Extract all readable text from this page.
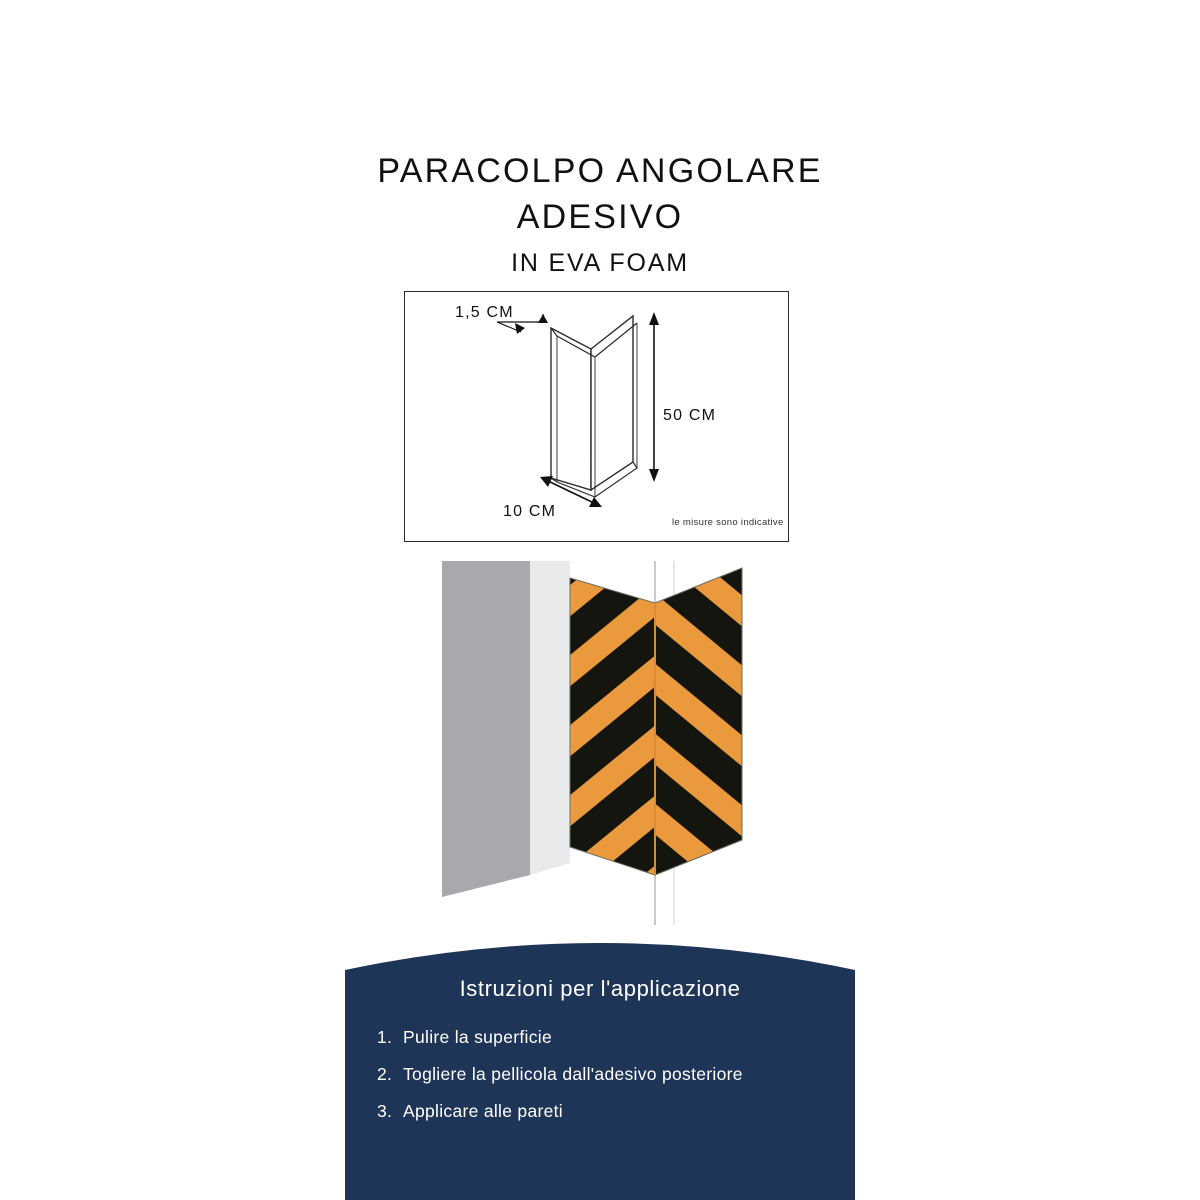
PARACOLPO ANGOLARE
ADESIVO
IN EVA FOAM
1,5 CM
50 CM
10 CM
le misure sono indicative
Istruzioni per l'applicazione
1. Pulire la superficie
2. Togliere la pellicola dall'adesivo posteriore
3. Applicare alle pareti
